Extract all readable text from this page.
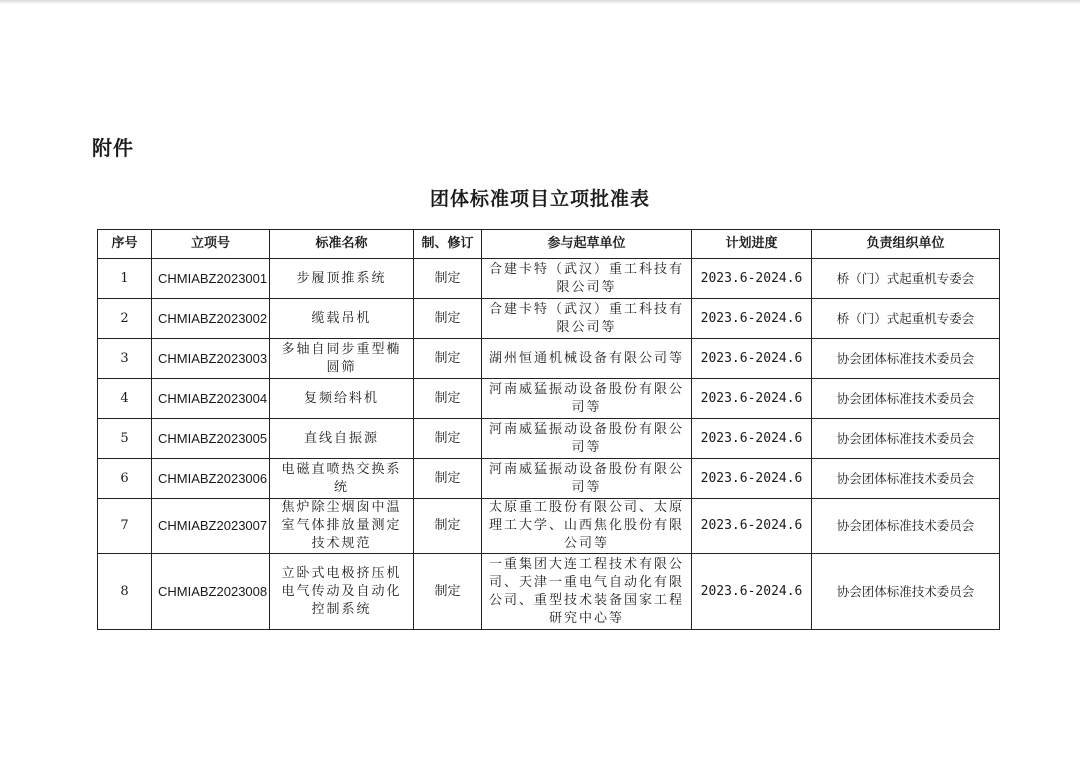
附件
团体标准项目立项批准表
序号	立项号	标准名称	制、修订	参与起草单位	计划进度	负责组织单位
1	CHMIABZ2023001	步履顶推系统	制定	合建卡特（武汉）重工科技有限公司等	2023.6-2024.6	桥（门）式起重机专委会
2	CHMIABZ2023002	缆载吊机	制定	合建卡特（武汉）重工科技有限公司等	2023.6-2024.6	桥（门）式起重机专委会
3	CHMIABZ2023003	多轴自同步重型椭圆筛	制定	湖州恒通机械设备有限公司等	2023.6-2024.6	协会团体标准技术委员会
4	CHMIABZ2023004	复频给料机	制定	河南威猛振动设备股份有限公司等	2023.6-2024.6	协会团体标准技术委员会
5	CHMIABZ2023005	直线自振源	制定	河南威猛振动设备股份有限公司等	2023.6-2024.6	协会团体标准技术委员会
6	CHMIABZ2023006	电磁直喷热交换系统	制定	河南威猛振动设备股份有限公司等	2023.6-2024.6	协会团体标准技术委员会
7	CHMIABZ2023007	焦炉除尘烟囱中温室气体排放量测定技术规范	制定	太原重工股份有限公司、太原理工大学、山西焦化股份有限公司等	2023.6-2024.6	协会团体标准技术委员会
8	CHMIABZ2023008	立卧式电极挤压机电气传动及自动化控制系统	制定	一重集团大连工程技术有限公司、天津一重电气自动化有限公司、重型技术装备国家工程研究中心等	2023.6-2024.6	协会团体标准技术委员会
